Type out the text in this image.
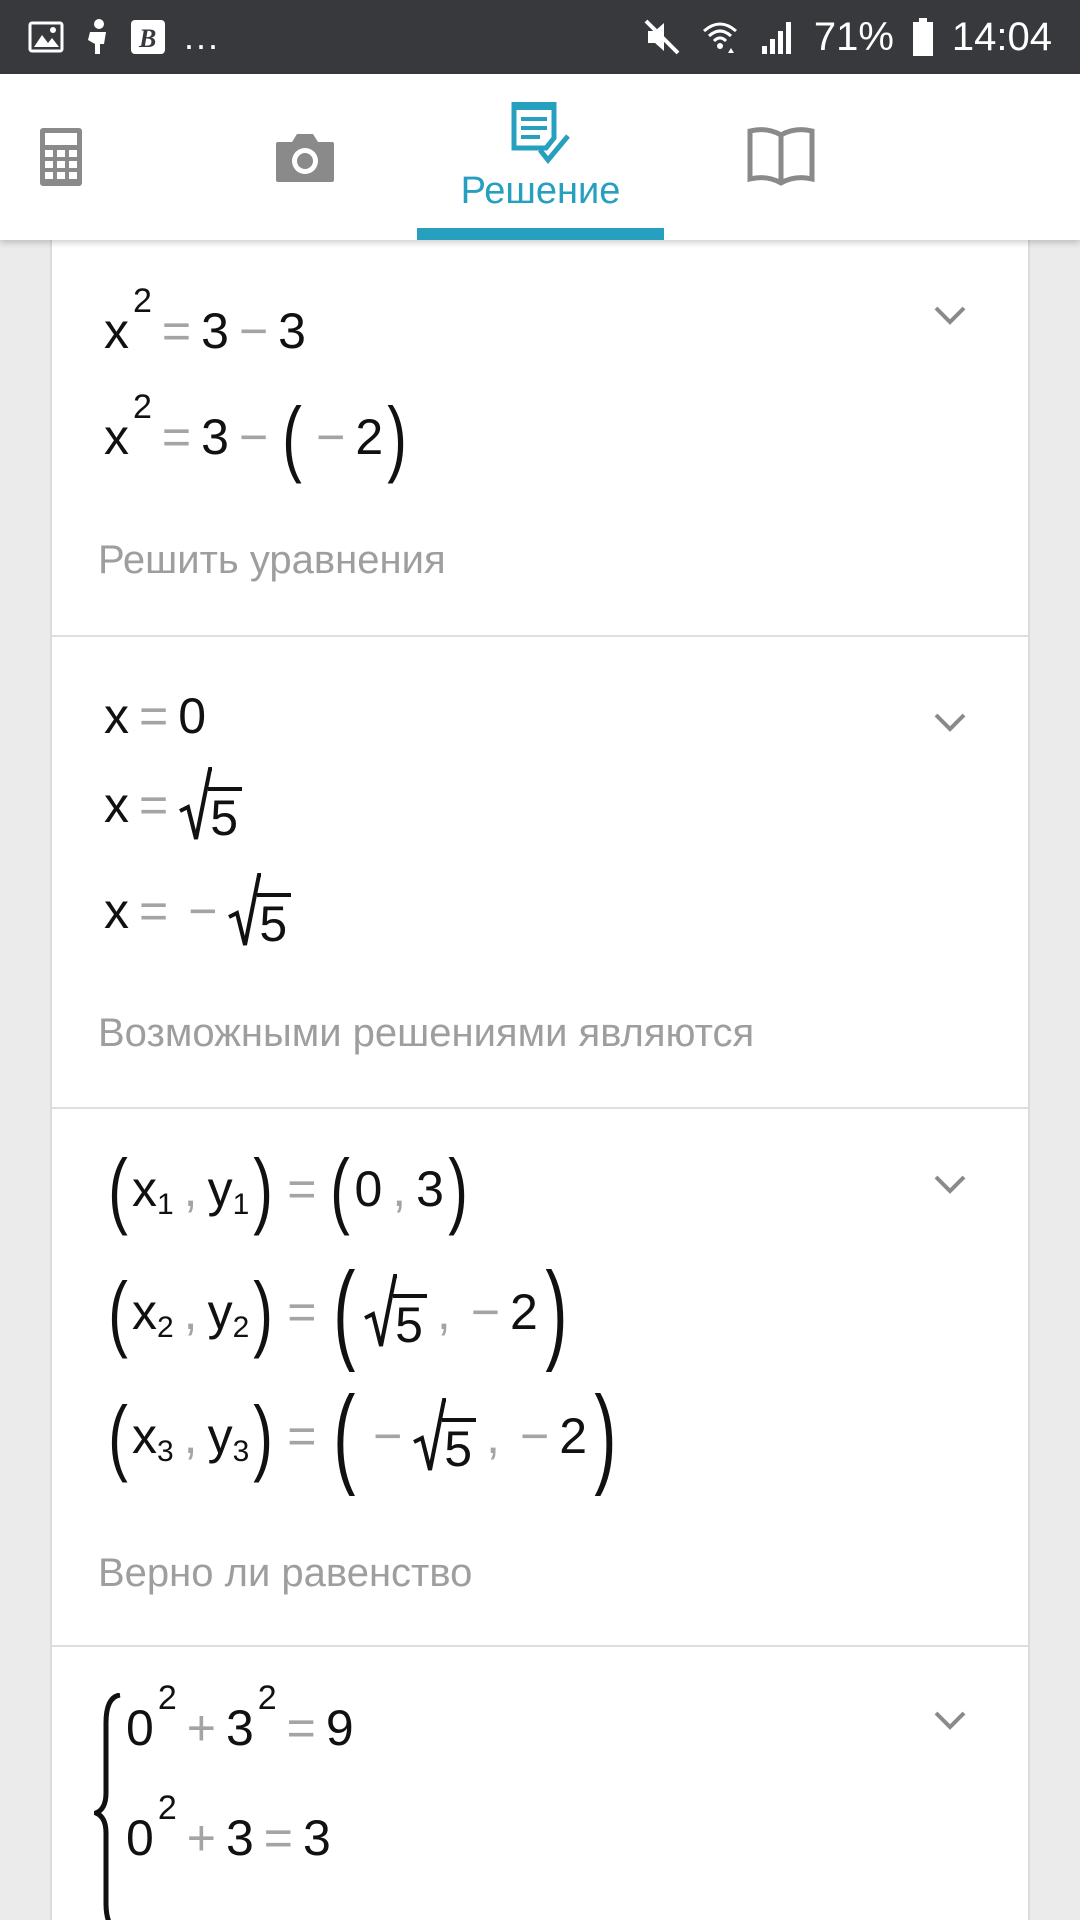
B ...	71% 14:04
Решение
x
2
= 3 − 3
x
2
= 3 − ( − 2 )
Решить уравнения
x = 0
x = 5
x = − 5
Возможными решениями являются
( x 1 , y 1 ) = ( 0 , 3 )
( x 2 , y 2 ) = ( 5 , − 2 )
( x 3 , y 3 ) = ( − 5 , − 2 )
Верно ли равенство
0
2
+ 3
2
= 9
0
2
+ 3 = 3
